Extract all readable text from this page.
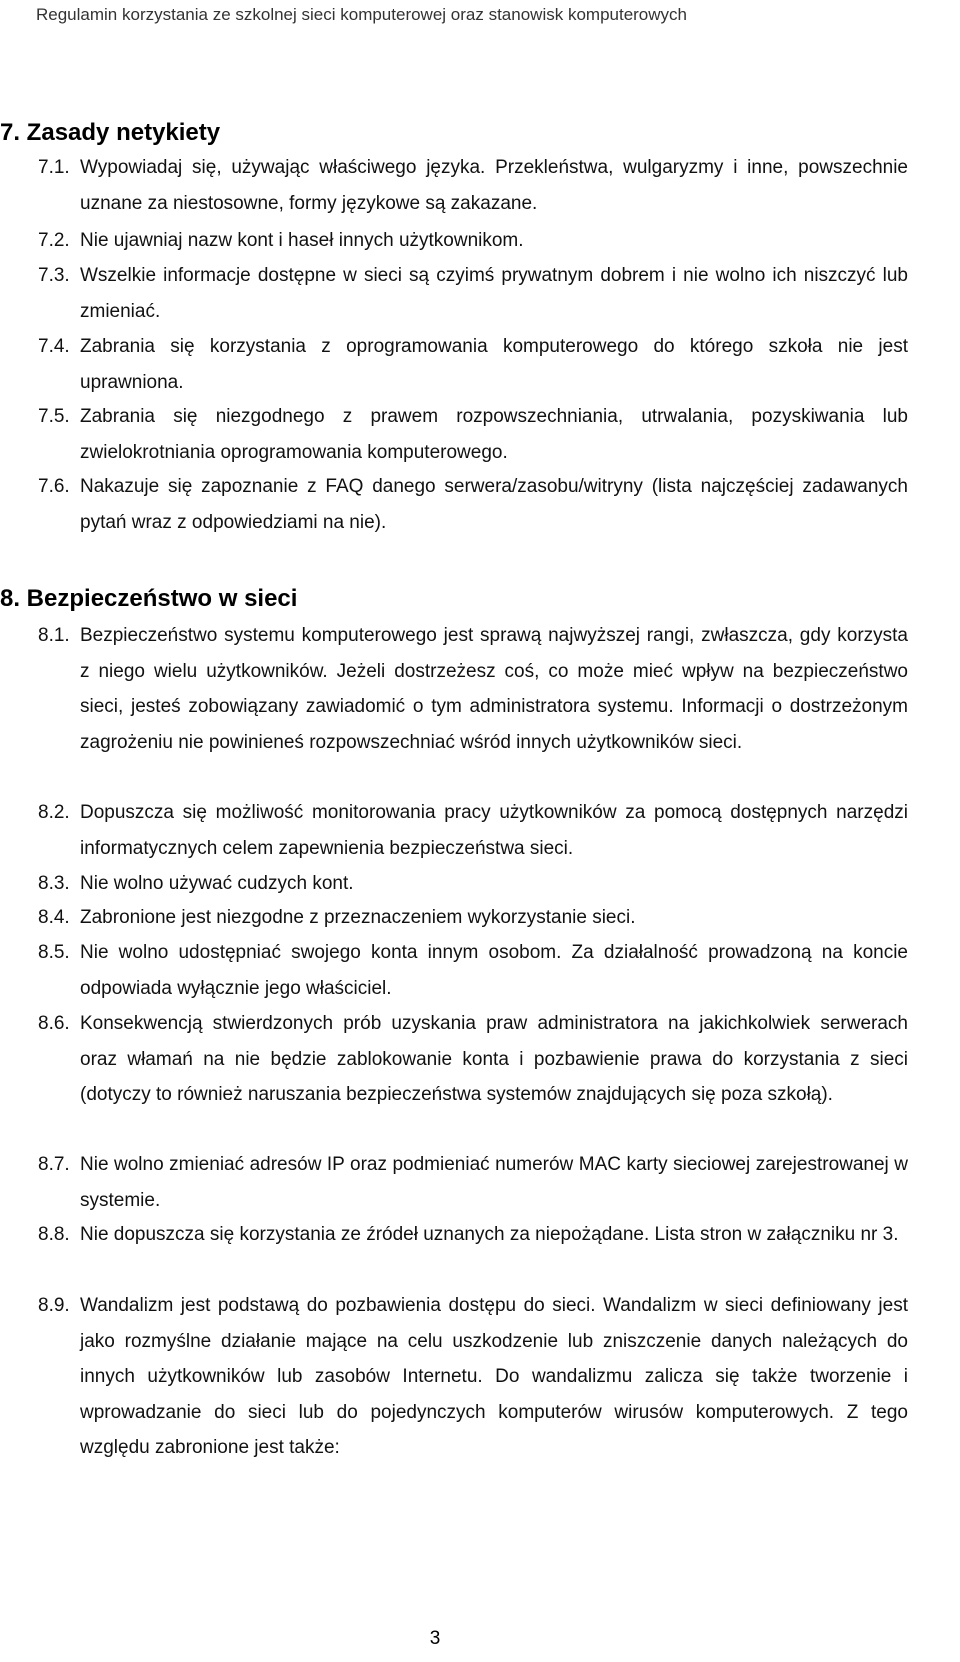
Regulamin korzystania ze szkolnej sieci komputerowej oraz stanowisk komputerowych
7. Zasady netykiety
7.1. Wypowiadaj się, używając właściwego języka. Przekleństwa, wulgaryzmy i inne, powszechnie uznane za niestosowne, formy językowe są zakazane.
7.2. Nie ujawniaj nazw kont i haseł innych użytkownikom.
7.3. Wszelkie informacje dostępne w sieci są czyimś prywatnym dobrem i nie wolno ich niszczyć lub zmieniać.
7.4. Zabrania się korzystania z oprogramowania komputerowego do którego szkoła nie jest uprawniona.
7.5. Zabrania się niezgodnego z prawem rozpowszechniania, utrwalania, pozyskiwania lub zwielokrotniania oprogramowania komputerowego.
7.6. Nakazuje się zapoznanie z FAQ danego serwera/zasobu/witryny (lista najczęściej zadawanych pytań wraz z odpowiedziami na nie).
8. Bezpieczeństwo w sieci
8.1. Bezpieczeństwo systemu komputerowego jest sprawą najwyższej rangi, zwłaszcza, gdy korzysta z niego wielu użytkowników. Jeżeli dostrzeżesz coś, co może mieć wpływ na bezpieczeństwo sieci, jesteś zobowiązany zawiadomić o tym administratora systemu. Informacji o dostrzeżonym zagrożeniu nie powinieneś rozpowszechniać wśród innych użytkowników sieci.
8.2. Dopuszcza się możliwość monitorowania pracy użytkowników za pomocą dostępnych narzędzi informatycznych celem zapewnienia bezpieczeństwa sieci.
8.3. Nie wolno używać cudzych kont.
8.4. Zabronione jest niezgodne z przeznaczeniem wykorzystanie sieci.
8.5. Nie wolno udostępniać swojego konta innym osobom. Za działalność prowadzoną na koncie odpowiada wyłącznie jego właściciel.
8.6. Konsekwencją stwierdzonych prób uzyskania praw administratora na jakichkolwiek serwerach oraz włamań na nie będzie zablokowanie konta i pozbawienie prawa do korzystania z sieci (dotyczy to również naruszania bezpieczeństwa systemów znajdujących się poza szkołą).
8.7. Nie wolno zmieniać adresów IP oraz podmieniać numerów MAC karty sieciowej zarejestrowanej w systemie.
8.8. Nie dopuszcza się korzystania ze źródeł uznanych za niepożądane. Lista stron w załączniku nr 3.
8.9. Wandalizm jest podstawą do pozbawienia dostępu do sieci. Wandalizm w sieci definiowany jest jako rozmyślne działanie mające na celu uszkodzenie lub zniszczenie danych należących do innych użytkowników lub zasobów Internetu. Do wandalizmu zalicza się także tworzenie i wprowadzanie do sieci lub do pojedynczych komputerów wirusów komputerowych. Z tego względu zabronione jest także:
3
